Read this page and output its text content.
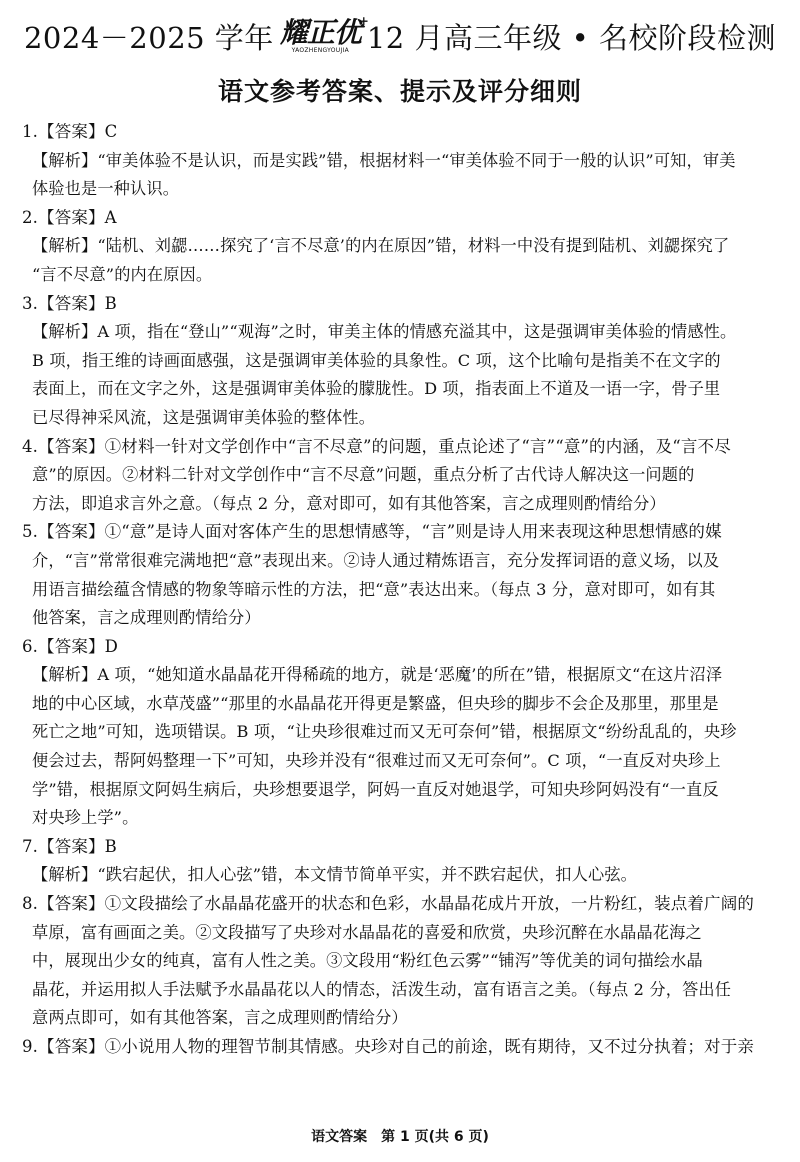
2024－2025 学年 耀正优
YAOZHENGYOUJIA
+
12 月高三年级 • 名校阶段检测
语文参考答案、提示及评分细则
1.【答案】C
【解析】“审美体验不是认识，而是实践”错，根据材料一“审美体验不同于一般的认识”可知，审美
体验也是一种认识。
2.【答案】A
【解析】“陆机、刘勰……探究了‘言不尽意’的内在原因”错，材料一中没有提到陆机、刘勰探究了
“言不尽意”的内在原因。
3.【答案】B
【解析】A 项，指在“登山”“观海”之时，审美主体的情感充溢其中，这是强调审美体验的情感性。
B 项，指王维的诗画面感强，这是强调审美体验的具象性。C 项，这个比喻句是指美不在文字的
表面上，而在文字之外，这是强调审美体验的朦胧性。D 项，指表面上不道及一语一字，骨子里
已尽得神采风流，这是强调审美体验的整体性。
4.【答案】①材料一针对文学创作中“言不尽意”的问题，重点论述了“言”“意”的内涵，及“言不尽
意”的原因。②材料二针对文学创作中“言不尽意”问题，重点分析了古代诗人解决这一问题的
方法，即追求言外之意。（每点 2 分，意对即可，如有其他答案，言之成理则酌情给分）
5.【答案】①“意”是诗人面对客体产生的思想情感等，“言”则是诗人用来表现这种思想情感的媒
介，“言”常常很难完满地把“意”表现出来。②诗人通过精炼语言，充分发挥词语的意义场，以及
用语言描绘蕴含情感的物象等暗示性的方法，把“意”表达出来。（每点 3 分，意对即可，如有其
他答案，言之成理则酌情给分）
6.【答案】D
【解析】A 项，“她知道水晶晶花开得稀疏的地方，就是‘恶魔’的所在”错，根据原文“在这片沼泽
地的中心区域，水草茂盛”“那里的水晶晶花开得更是繁盛，但央珍的脚步不会企及那里，那里是
死亡之地”可知，选项错误。B 项，“让央珍很难过而又无可奈何”错，根据原文“纷纷乱乱的，央珍
便会过去，帮阿妈整理一下”可知，央珍并没有“很难过而又无可奈何”。C 项，“一直反对央珍上
学”错，根据原文阿妈生病后，央珍想要退学，阿妈一直反对她退学，可知央珍阿妈没有“一直反
对央珍上学”。
7.【答案】B
【解析】“跌宕起伏，扣人心弦”错，本文情节简单平实，并不跌宕起伏，扣人心弦。
8.【答案】①文段描绘了水晶晶花盛开的状态和色彩，水晶晶花成片开放，一片粉红，装点着广阔的
草原，富有画面之美。②文段描写了央珍对水晶晶花的喜爱和欣赏，央珍沉醉在水晶晶花海之
中，展现出少女的纯真，富有人性之美。③文段用“粉红色云雾”“铺泻”等优美的词句描绘水晶
晶花，并运用拟人手法赋予水晶晶花以人的情态，活泼生动，富有语言之美。（每点 2 分，答出任
意两点即可，如有其他答案，言之成理则酌情给分）
9.【答案】①小说用人物的理智节制其情感。央珍对自己的前途，既有期待，又不过分执着；对于亲
语文答案　第 1 页(共 6 页)
